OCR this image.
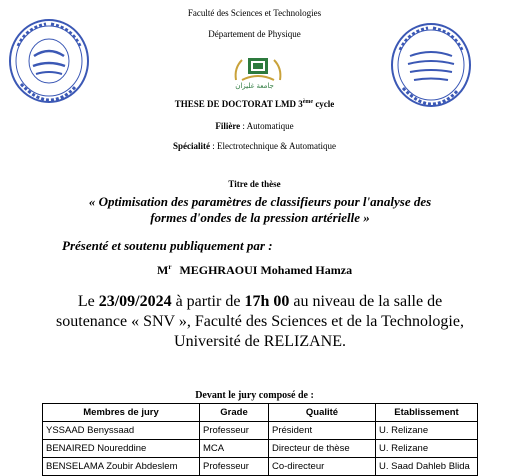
Faculté des Sciences et Technologies
Département de Physique
جامعة غليزان
THESE DE DOCTORAT LMD 3ème cycle
Filière : Automatique
Spécialité : Electrotechnique & Automatique
Titre de thèse
« Optimisation des paramètres de classifieurs pour l'analyse des formes d'ondes de la pression artérielle »
Présenté et soutenu publiquement par :
$M^r$ MEGHRAOUI Mohamed Hamza
Le 23/09/2024 à partir de 17h 00 au niveau de la salle de soutenance « SNV », Faculté des Sciences et de la Technologie,
Université de RELIZANE.
Devant le jury composé de :
Membres de jury	Grade	Qualité	Etablissement
YSSAAD Benyssaad	Professeur	Président	U. Relizane
BENAIRED Noureddine	MCA	Directeur de thèse	U. Relizane
BENSELAMA Zoubir Abdeslem	Professeur	Co-directeur	U. Saad Dahleb Blida
